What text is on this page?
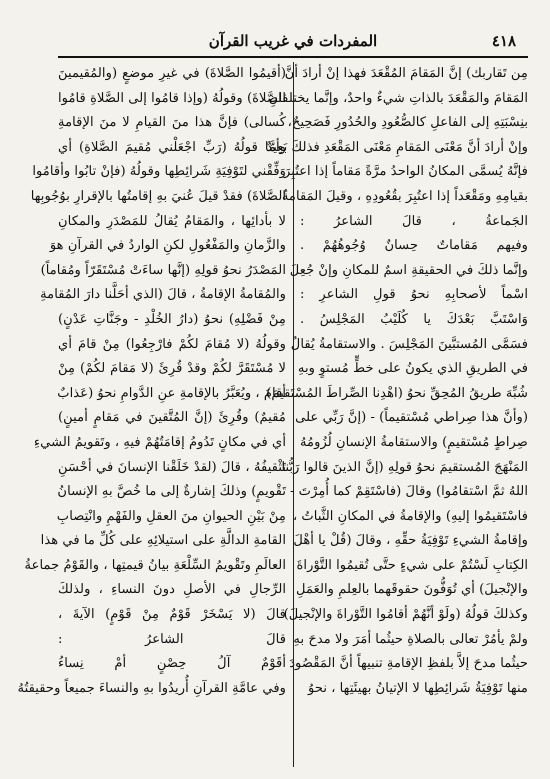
٤١٨
المفردات في غريب القرآن
مِن تَقاربك) إنَّ المَقامَ المُقْعَدَ فهذا إنْ أرادَ أنَّ
المَقامَ والمَقْعَدَ بالذاتِ شيءٌ واحدٌ، وإنَّما يختلفانِ
بنِسْبَتِهِ إلى الفاعلِ كالصُّعُودِ والحُدُورِ فَصَحِيحٌ،
وإنْ أرادَ أنَّ مَعْنَى المَقامِ مَعْنَى المَقْعَدِ فذلكَ بَعِيدٌ
فإنَّهُ يُسمَّى المكانُ الواحدُ مرَّةً مَقاماً إذا اعتُبِرَ
بقيامِهِ ومَقْعَداً إذا اعتُبِرَ بقُعُودِهِ ، وقيلَ المَقامةُ
الجَماعةُ ، قالَ الشاعرُ :
وفيهم مَقاماتٌ حِسانٌ وُجُوهُهُمْ .
وإنَّما ذلكَ في الحقيقةِ اسمٌ للمكانِ وإنْ جُعِلَ
اسْماً لأصحابِهِ نحوُ قولِ الشاعرِ :
وَاسْتَبَّ بَعْدَكَ يا كُلَيْبُ المَجْلِسُ .
فسَمَّى المُستبَّينَ المَجْلِسَ . والاستقامةُ يُقالُ
في الطريقِ الذي يكونُ على خطٍّ مُستوٍ وبهِ
شُبِّهَ طريقُ المُحِقِّ نحوُ (اهْدِنا الصِّراطَ المُسْتَقيمَ)
(وأنَّ هذا صِراطي مُسْتقيماً) - (إنَّ رَبِّي على
صِراطٍ مُسْتقيمٍ) والاستقامةُ الإنسانِ لُزُومُهُ
المَنْهَجَ المُستقيمَ نحوُ قولِهِ (إنَّ الذينَ قالوا رَبُّنا
اللهُ ثمَّ اسْتقامُوا) وقالَ (فاسْتَقِمْ كما أُمِرْتَ -
فاسْتَقيمُوا إليهِ) والإقامةُ في المكانِ الثَّباتُ ،
وإقامةُ الشيءِ تَوْفِيَةُ حقِّهِ ، وقالَ (قُلْ يا أهْلَ
الكِتابِ لَسْتُمْ على شيءٍ حتَّى تُقيمُوا التَّوْراةَ
والإنْجيلَ) أي تُوَفُّونَ حقوقَهما بالعِلمِ والعَمَلِ
وكذلكَ قولُهُ (ولَوْ أنَّهُمْ أقامُوا التَّوْراةَ والإنْجيلَ)
ولمْ يأمُرْ تعالى بالصلاةِ حيثُما أمَرَ ولا مدحَ بهِ
حيثُما مدحَ إلاَّ بلفظِ الإقامةِ تنبيهاً أنَّ المَقْصُودَ
منها تَوْفِيَةُ شَرائِطِها لا الإتيانُ بهيئَتِها ، نحوُ
(أقيمُوا الصَّلاةَ) في غيرِ موضعٍ (والمُقيمينَ
الصَّلاةَ) وقولُهُ (وإذا قامُوا إلى الصَّلاةِ قامُوا
كُسالى) فإنَّ هذا منَ القيامِ لا منَ الإقامةِ
وأمَّا قولُهُ (رَبِّ اجْعَلْني مُقيمَ الصَّلاةِ) أي
وَفِّقْني لتَوْفِيَةِ شَرائِطِها وقولُهُ (فإنْ تابُوا وأقامُوا
الصَّلاةَ) فقدْ قيلَ عُنيَ بهِ إقامتُها بالإقرارِ بوُجُوبِها
لا بأدائِها ، والمَقامُ يُقالُ للمَصْدَرِ والمكانِ
والزَّمانِ والمَفْعُولِ لكنِ الواردُ في القرآنِ هوَ
المَصْدَرُ نحوُ قولِهِ (إنَّها ساءَتْ مُسْتَقَرّاً ومُقاماً)
والمُقامةُ الإقامةُ ، قالَ (الذي أحَلَّنا دارَ المُقامةِ
مِنْ فَضْلِهِ) نحوُ (دارُ الخُلْدِ - وجَنَّاتِ عَدْنٍ)
وقولُهُ (لا مُقامَ لكُمْ فارْجِعُوا) مِنْ قامَ أي
لا مُسْتَقَرَّ لكُمْ وقدْ قُرِئَ (لا مَقامَ لكُمْ) مِنْ
أقامَ ، ويُعَبَّرُ بالإقامةِ عنِ الدَّوامِ نحوُ (عَذابٌ
مُقيمٌ) وقُرِئَ (إنَّ المُتَّقينَ في مَقامٍ أمينٍ)
أي في مكانٍ تَدُومُ إقامَتُهُمْ فيهِ ، وتَقويمُ الشيءِ
تَثْقيفُهُ ، قالَ (لقدْ خَلَقْنا الإنسانَ في أحْسَنِ
تَقْويمٍ) وذلكَ إشارةٌ إلى ما خُصَّ بهِ الإنسانُ
مِنْ بَيْنِ الحيوانِ منَ العقلِ والفَهْمِ وانْتِصابِ
القامةِ الدالَّةِ على استيلائِهِ على كُلِّ ما في هذا
العالَمِ وتَقْويمُ السِّلْعَةِ بيانُ قيمتِها ، والقَوْمُ جماعةُ
الرِّجالِ في الأصلِ دونَ النساءِ ، ولذلكَ
قالَ (لا يَسْخَرْ قَوْمٌ مِنْ قَوْمٍ) الآيةَ ،
قالَ الشاعرُ :
أقَوْمٌ آلُ حِصْنٍ أمْ نِساءُ
وفي عامَّةِ القرآنِ أُريدُوا بهِ والنساءَ جميعاً وحقيقتُهُ
